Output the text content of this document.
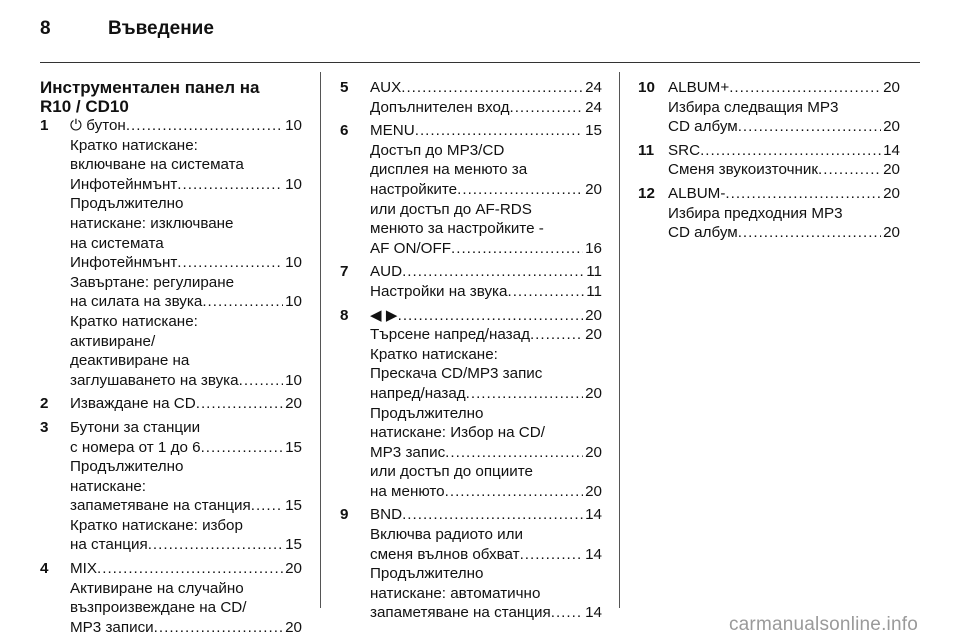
8	Въведение
Инструментален панел на
R10 / CD10
1	⏻ бутон .....	10
Кратко натискане:
включване на системата
Инфотейнмънт .....	10
Продължително
натискане: изключване
на системата
Инфотейнмънт .....	10
Завъртане: регулиране
на силата на звука .....	10
Кратко натискане:
активиране/
деактивиране на
заглушаването на звука .....	10
2	Изваждане на CD .....	20
3	Бутони за станции
с номера от 1 до 6 .....	15
Продължително
натискане:
запаметяване на станция ..... 15
Кратко натискане: избор
на станция .....	15
4	MIX .....	20
Активиране на случайно
възпроизвеждане на CD/
MP3 записи .....	20
5	AUX .....	24
Допълнителен вход .....	24
6	MENU .....	15
Достъп до MP3/CD
дисплея на менюто за
настройките .....	20
или достъп до AF-RDS
менюто за настройките -
AF ON/OFF .....	16
7	AUD .....	11
Настройки на звука .....	11
8	◀ ▶ .....	20
Търсене напред/назад .....	20
Кратко натискане:
Прескача CD/MP3 запис
напред/назад .....	20
Продължително
натискане: Избор на CD/
MP3 запис .....	20
или достъп до опциите
на менюто .....	20
9	BND .....	14
Включва радиото или
сменя вълнов обхват .....	14
Продължително
натискане: автоматично
запаметяване на станция ..... 14
10 ALBUM+ .....	20
Избира следващия MP3
CD албум .....	20
11 SRC .....	14
Сменя звукоизточник .....	20
12 ALBUM- .....	20
Избира предходния MP3
CD албум .....	20
carmanualsonline.info
